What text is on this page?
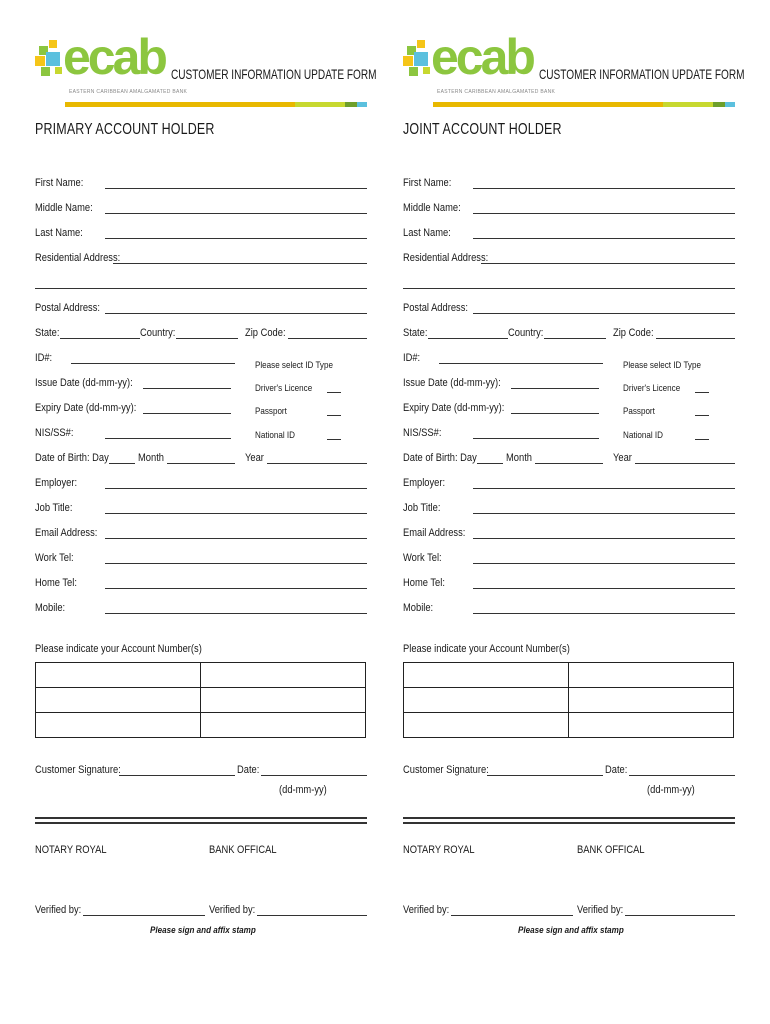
ecab CUSTOMER INFORMATION UPDATE FORM
EASTERN CARIBBEAN AMALGAMATED BANK
PRIMARY ACCOUNT HOLDER
First Name:
Middle Name:
Last Name:
Residential Address:
Postal Address:
State:	Country:	Zip Code:
ID#:
Please select ID Type
Issue Date (dd-mm-yy):	Driver's Licence
Expiry Date (dd-mm-yy):	Passport
NIS/SS#:	National ID
Date of Birth: Day	Month	Year
Employer:
Job Title:
Email Address:
Work Tel:
Home Tel:
Mobile:
Please indicate your Account Number(s)

Customer Signature:	Date:
(dd-mm-yy)
NOTARY ROYAL	BANK OFFICAL
Verified by:	Verified by:
Please sign and affix stamp
ecab CUSTOMER INFORMATION UPDATE FORM
EASTERN CARIBBEAN AMALGAMATED BANK
JOINT ACCOUNT HOLDER
First Name:
Middle Name:
Last Name:
Residential Address:
Postal Address:
State:	Country:	Zip Code:
ID#:
Please select ID Type
Issue Date (dd-mm-yy):	Driver's Licence
Expiry Date (dd-mm-yy):	Passport
NIS/SS#:	National ID
Date of Birth: Day	Month	Year
Employer:
Job Title:
Email Address:
Work Tel:
Home Tel:
Mobile:
Please indicate your Account Number(s)

Customer Signature:	Date:
(dd-mm-yy)
NOTARY ROYAL	BANK OFFICAL
Verified by:	Verified by:
Please sign and affix stamp
